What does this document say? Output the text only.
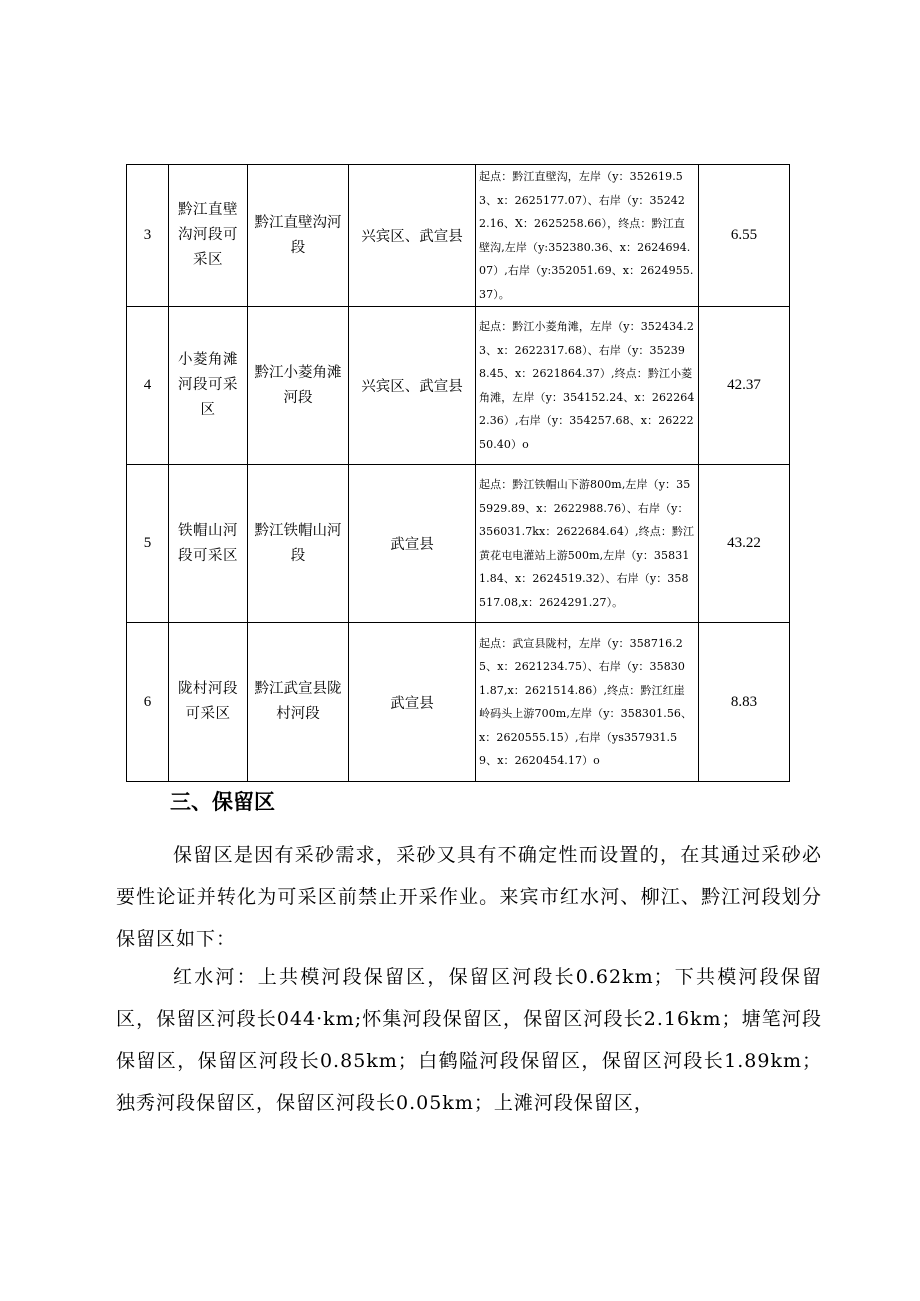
3	黔江直壁沟河段可采区	黔江直壁沟河段	兴宾区、武宣县	起点：黔江直壁沟，左岸（y：352619.53、x：2625177.07）、右岸（y：352422.16、X：2625258.66），终点：黔江直壁沟,左岸（y:352380.36、x：2624694.07）,右岸（y:352051.69、x：2624955.37）。	6.55
4	小菱角滩河段可采区	黔江小菱角滩河段	兴宾区、武宣县	起点：黔江小菱角滩，左岸（y：352434.23、x：2622317.68）、右岸（y：352398.45、x：2621864.37）,终点：黔江小菱角滩，左岸（y：354152.24、x：2622642.36）,右岸（y：354257.68、x：2622250.40）o	42.37
5	铁帽山河段可采区	黔江铁帽山河段	武宣县	起点：黔江铁帽山下游800m,左岸（y：355929.89、x：2622988.76）、右岸（y：356031.7kx：2622684.64）,终点：黔江黄花屯电灌站上游500m,左岸（y：358311.84、x：2624519.32）、右岸（y：358517.08,x：2624291.27）。	43.22
6	陇村河段可采区	黔江武宣县陇村河段	武宣县	起点：武宣县陇村，左岸（y：358716.25、x：2621234.75）、右岸（y：358301.87,x：2621514.86）,终点：黔江红崖岭码头上游700m,左岸（y：358301.56、x：2620555.15）,右岸（ys357931.59、x：2620454.17）o	8.83
三、保留区

保留区是因有采砂需求，采砂又具有不确定性而设置的，在其通过采砂必要性论证并转化为可采区前禁止开采作业。来宾市红水河、柳江、黔江河段划分保留区如下：

红水河：上共模河段保留区，保留区河段长0.62km；下共模河段保留区，保留区河段长044·km;怀集河段保留区，保留区河段长2.16km；塘笔河段保留区，保留区河段长0.85km；白鹤隘河段保留区，保留区河段长1.89km；独秀河段保留区，保留区河段长0.05km；上滩河段保留区，
